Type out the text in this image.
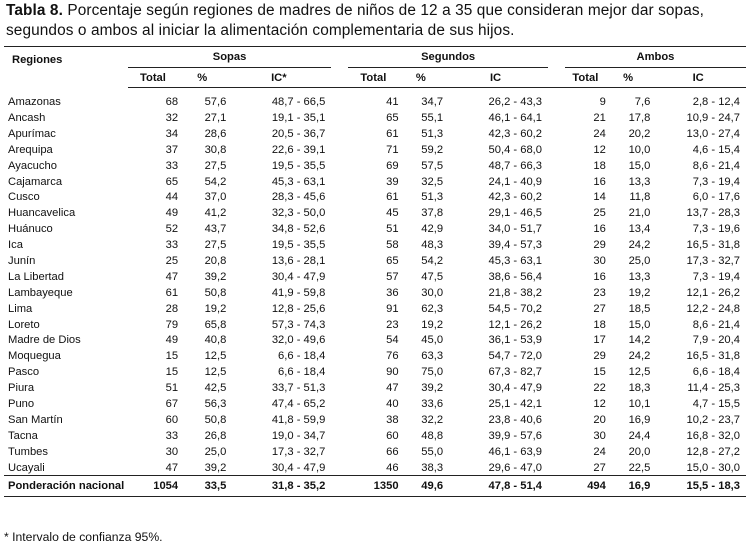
Tabla 8. Porcentaje según regiones de madres de niños de 12 a 35 que consideran mejor dar sopas, segundos o ambos al iniciar la alimentación complementaria de sus hijos.
Regiones	Sopas				Segundos				Ambos		
	Total	%	IC*		Total	%	IC		Total	%	IC
Amazonas	68	57,6	48,7 - 66,5		41	34,7	26,2 - 43,3		9	7,6	2,8 - 12,4
Ancash	32	27,1	19,1 - 35,1		65	55,1	46,1 - 64,1		21	17,8	10,9 - 24,7
Apurímac	34	28,6	20,5 - 36,7		61	51,3	42,3 - 60,2		24	20,2	13,0 - 27,4
Arequipa	37	30,8	22,6 - 39,1		71	59,2	50,4 - 68,0		12	10,0	4,6 - 15,4
Ayacucho	33	27,5	19,5 - 35,5		69	57,5	48,7 - 66,3		18	15,0	8,6 - 21,4
Cajamarca	65	54,2	45,3 - 63,1		39	32,5	24,1 - 40,9		16	13,3	7,3 - 19,4
Cusco	44	37,0	28,3 - 45,6		61	51,3	42,3 - 60,2		14	11,8	6,0 - 17,6
Huancavelica	49	41,2	32,3 - 50,0		45	37,8	29,1 - 46,5		25	21,0	13,7 - 28,3
Huánuco	52	43,7	34,8 - 52,6		51	42,9	34,0 - 51,7		16	13,4	7,3 - 19,6
Ica	33	27,5	19,5 - 35,5		58	48,3	39,4 - 57,3		29	24,2	16,5 - 31,8
Junín	25	20,8	13,6 - 28,1		65	54,2	45,3 - 63,1		30	25,0	17,3 - 32,7
La Libertad	47	39,2	30,4 - 47,9		57	47,5	38,6 - 56,4		16	13,3	7,3 - 19,4
Lambayeque	61	50,8	41,9 - 59,8		36	30,0	21,8 - 38,2		23	19,2	12,1 - 26,2
Lima	28	19,2	12,8 - 25,6		91	62,3	54,5 - 70,2		27	18,5	12,2 - 24,8
Loreto	79	65,8	57,3 - 74,3		23	19,2	12,1 - 26,2		18	15,0	8,6 - 21,4
Madre de Dios	49	40,8	32,0 - 49,6		54	45,0	36,1 - 53,9		17	14,2	7,9 - 20,4
Moquegua	15	12,5	6,6 - 18,4		76	63,3	54,7 - 72,0		29	24,2	16,5 - 31,8
Pasco	15	12,5	6,6 - 18,4		90	75,0	67,3 - 82,7		15	12,5	6,6 - 18,4
Piura	51	42,5	33,7 - 51,3		47	39,2	30,4 - 47,9		22	18,3	11,4 - 25,3
Puno	67	56,3	47,4 - 65,2		40	33,6	25,1 - 42,1		12	10,1	4,7 - 15,5
San Martín	60	50,8	41,8 - 59,9		38	32,2	23,8 - 40,6		20	16,9	10,2 - 23,7
Tacna	33	26,8	19,0 - 34,7		60	48,8	39,9 - 57,6		30	24,4	16,8 - 32,0
Tumbes	30	25,0	17,3 - 32,7		66	55,0	46,1 - 63,9		24	20,0	12,8 - 27,2
Ucayali	47	39,2	30,4 - 47,9		46	38,3	29,6 - 47,0		27	22,5	15,0 - 30,0
Ponderación nacional	1054	33,5	31,8 - 35,2		1350	49,6	47,8 - 51,4		494	16,9	15,5 - 18,3
* Intervalo de confianza 95%.
